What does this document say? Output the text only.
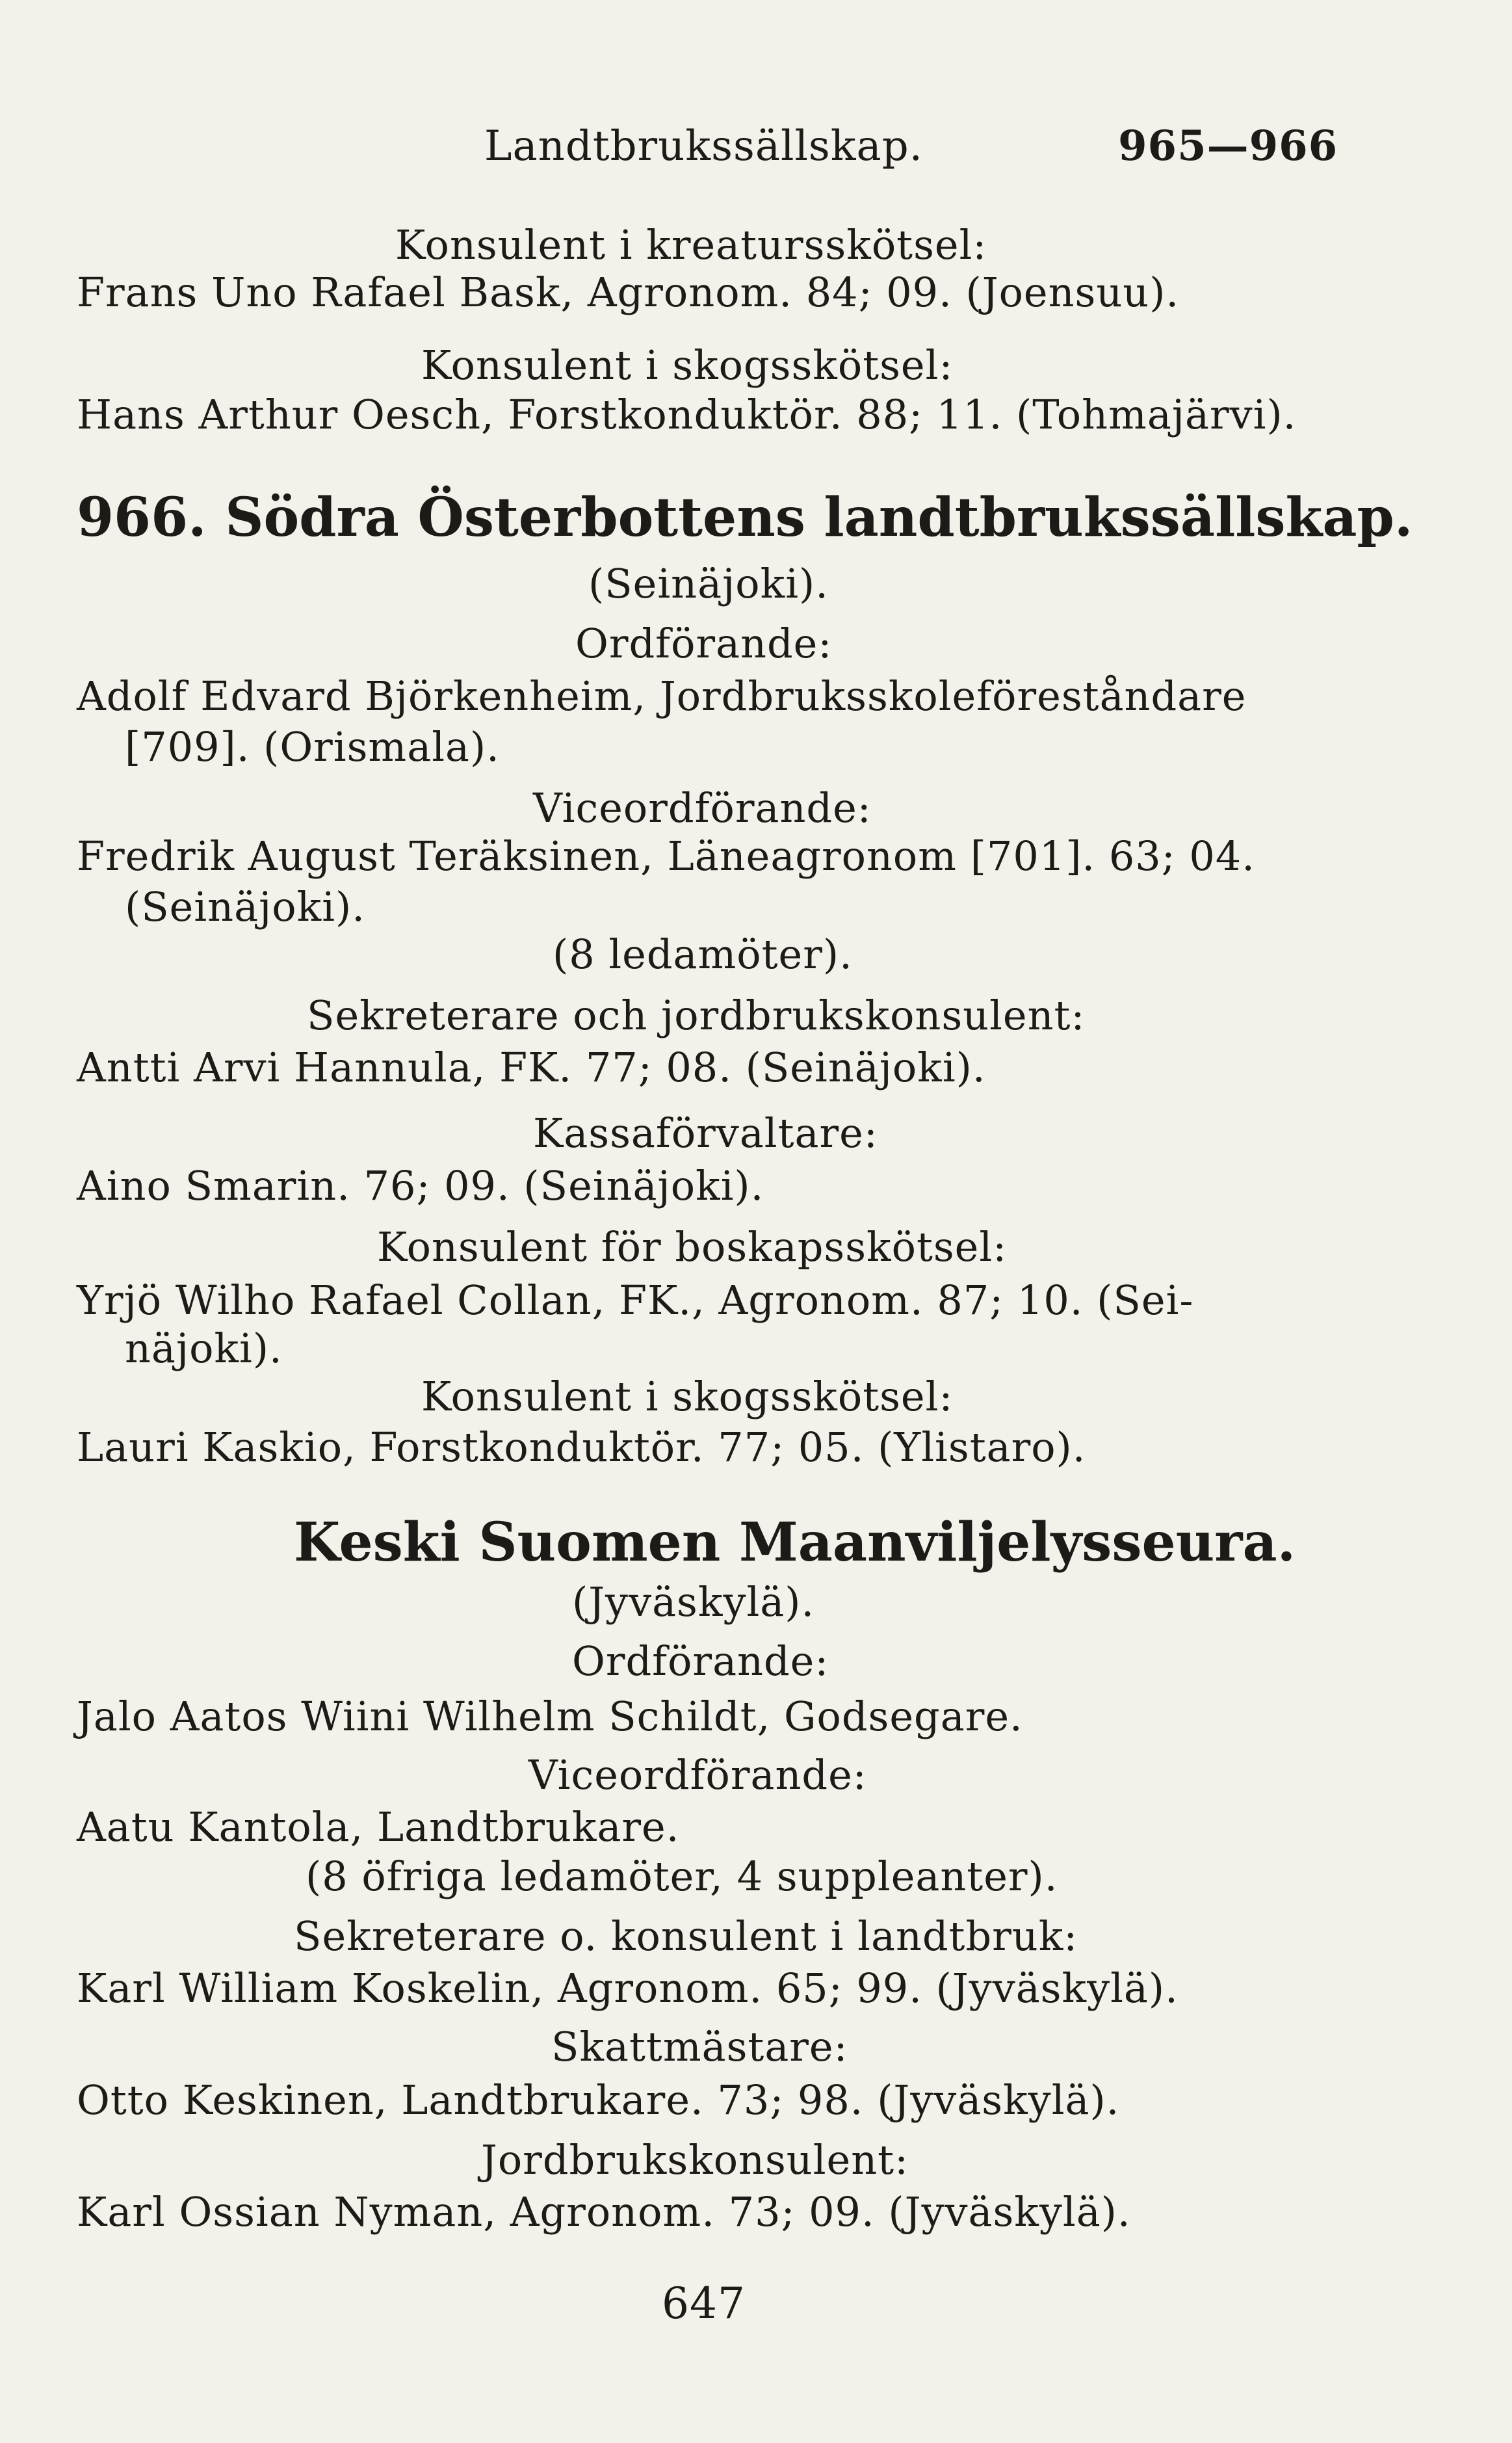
Landtbrukssällskap.	965—966

Konsulent i kreatursskötsel:

Frans Uno Rafael Bask, Agronom. 84; 09. (Joensuu).

Konsulent i skogsskötsel:

Hans Arthur Oesch, Forstkonduktör. 88; 11. (Tohmajärvi).

966. Södra Österbottens landtbrukssällskap.

(Seinäjoki).

Ordförande:

Adolf Edvard Björkenheim, Jordbruksskoleföreståndare

[709]. (Orismala).

Viceordförande:

Fredrik August Teräksinen, Läneagronom [701]. 63; 04.

(Seinäjoki).

(8 ledamöter).

Sekreterare och jordbrukskonsulent:

Antti Arvi Hannula, FK. 77; 08. (Seinäjoki).

Kassaförvaltare:

Aino Smarin. 76; 09. (Seinäjoki).

Konsulent för boskapsskötsel:

Yrjö Wilho Rafael Collan, FK., Agronom. 87; 10. (Sei-

näjoki).

Konsulent i skogsskötsel:

Lauri Kaskio, Forstkonduktör. 77; 05. (Ylistaro).

Keski Suomen Maanviljelysseura.

(Jyväskylä).

Ordförande:

Jalo Aatos Wiini Wilhelm Schildt, Godsegare.

Viceordförande:

Aatu Kantola, Landtbrukare.

(8 öfriga ledamöter, 4 suppleanter).

Sekreterare o. konsulent i landtbruk:

Karl William Koskelin, Agronom. 65; 99. (Jyväskylä).

Skattmästare:

Otto Keskinen, Landtbrukare. 73; 98. (Jyväskylä).

Jordbrukskonsulent:

Karl Ossian Nyman, Agronom. 73; 09. (Jyväskylä).

647
